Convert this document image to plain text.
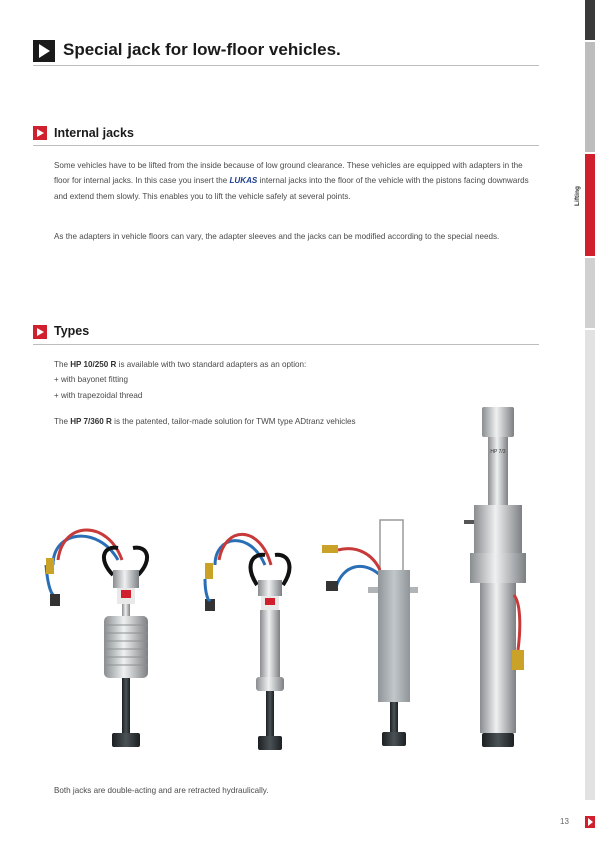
Lifting
Special jack for low-floor vehicles.
Internal jacks

Some vehicles have to be lifted from the inside because of low ground clearance. These vehicles are equipped with adapters in the floor for internal jacks. In this case you insert the LUKAS internal jacks into the floor of the vehicle with the pistons facing downwards and extend them slowly. This enables you to lift the vehicle safely at several points.

As the adapters in vehicle floors can vary, the adapter sleeves and the jacks can be modified according to the special needs.

Types
The HP 10/250 R is available with two standard adapters as an option:
+ with bayonet fitting
+ with trapezoidal thread
The HP 7/360 R is the patented, tailor-made solution for TWM type ADtranz vehicles
HP 7/3

Both jacks are double-acting and are retracted hydraulically.

13
